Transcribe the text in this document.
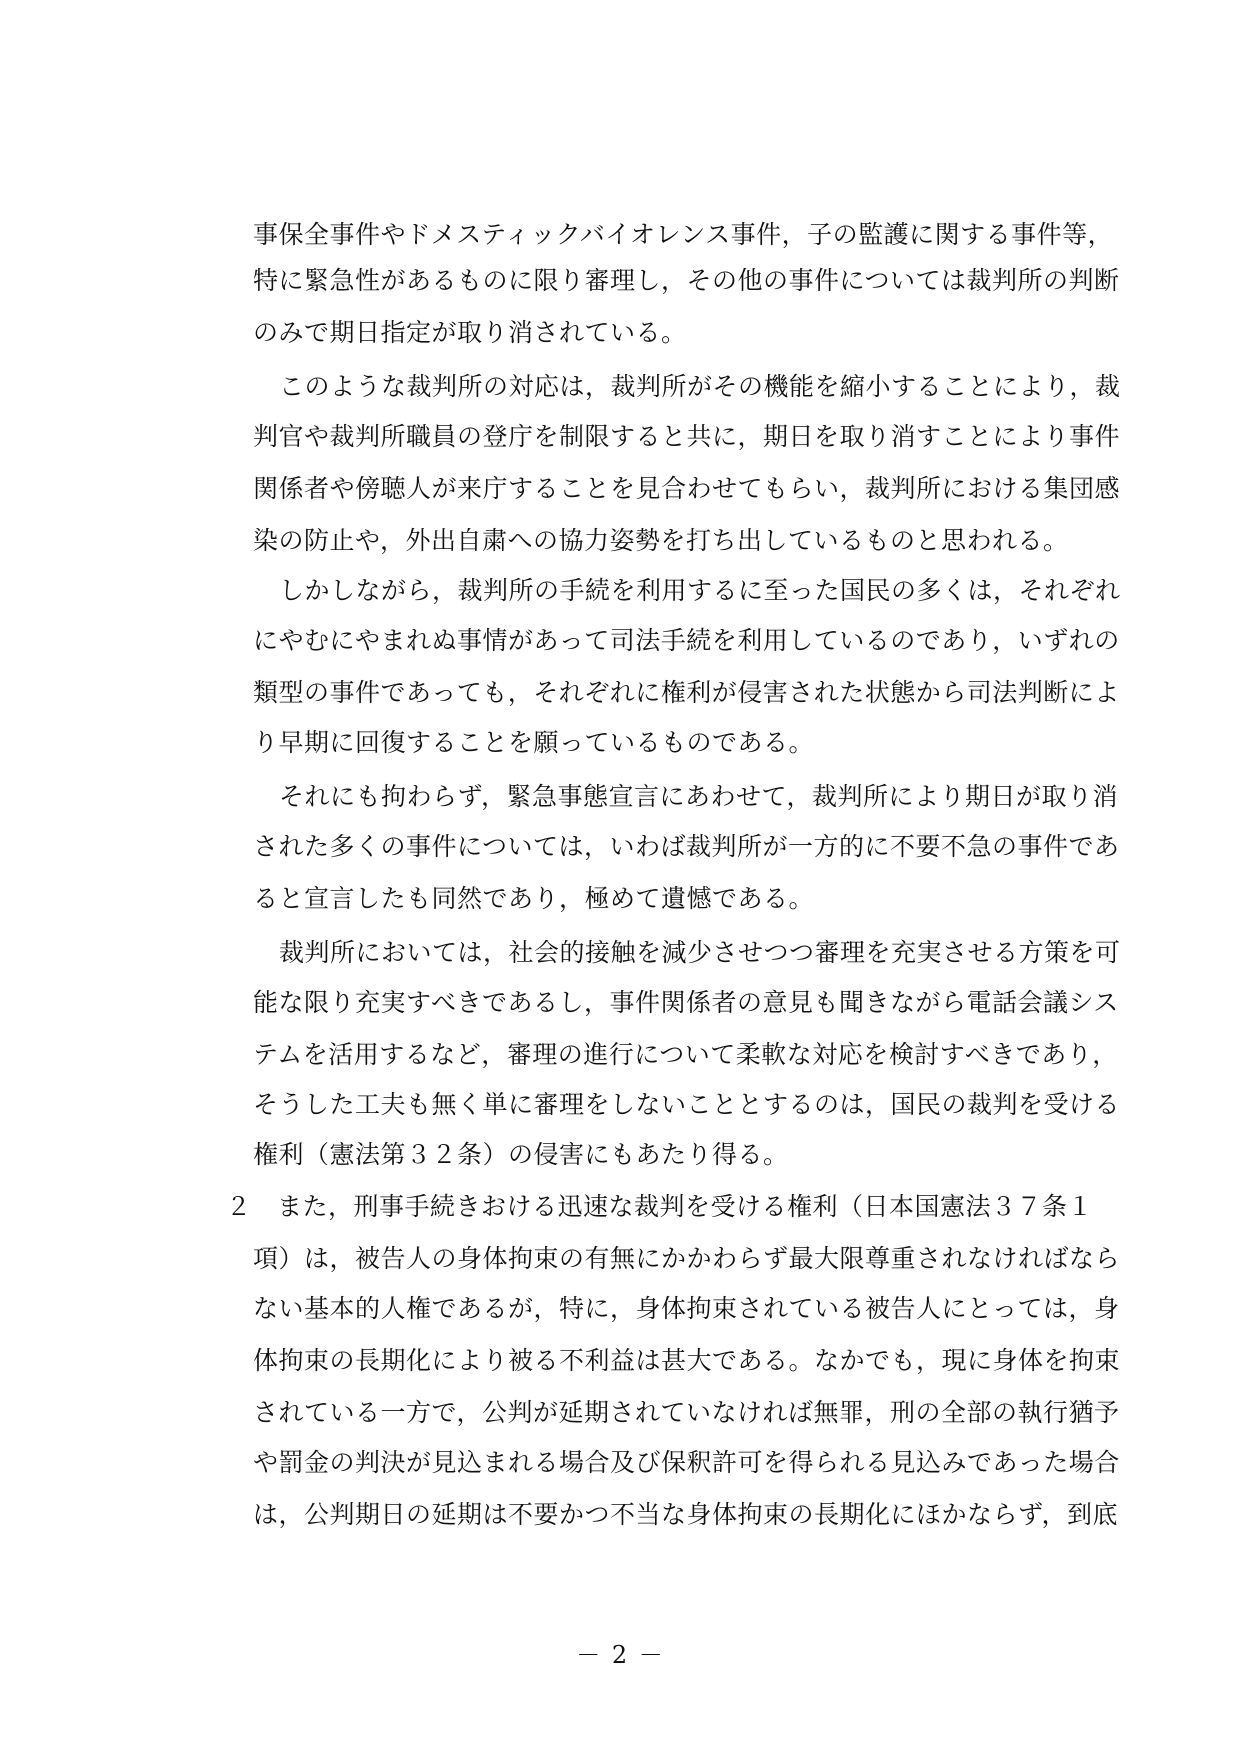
事保全事件やドメスティックバイオレンス事件，子の監護に関する事件等，
特に緊急性があるものに限り審理し，その他の事件については裁判所の判断
のみで期日指定が取り消されている。
このような裁判所の対応は，裁判所がその機能を縮小することにより，裁
判官や裁判所職員の登庁を制限すると共に，期日を取り消すことにより事件
関係者や傍聴人が来庁することを見合わせてもらい，裁判所における集団感
染の防止や，外出自粛への協力姿勢を打ち出しているものと思われる。
しかしながら，裁判所の手続を利用するに至った国民の多くは，それぞれ
にやむにやまれぬ事情があって司法手続を利用しているのであり，いずれの
類型の事件であっても，それぞれに権利が侵害された状態から司法判断によ
り早期に回復することを願っているものである。
それにも拘わらず，緊急事態宣言にあわせて，裁判所により期日が取り消
された多くの事件については，いわば裁判所が一方的に不要不急の事件であ
ると宣言したも同然であり，極めて遺憾である。
裁判所においては，社会的接触を減少させつつ審理を充実させる方策を可
能な限り充実すべきであるし，事件関係者の意見も聞きながら電話会議シス
テムを活用するなど，審理の進行について柔軟な対応を検討すべきであり，
そうした工夫も無く単に審理をしないこととするのは，国民の裁判を受ける
権利（憲法第３２条）の侵害にもあたり得る。
２　また，刑事手続きおける迅速な裁判を受ける権利（日本国憲法３７条１
項）は，被告人の身体拘束の有無にかかわらず最大限尊重されなければなら
ない基本的人権であるが，特に，身体拘束されている被告人にとっては，身
体拘束の長期化により被る不利益は甚大である。なかでも，現に身体を拘束
されている一方で，公判が延期されていなければ無罪，刑の全部の執行猶予
や罰金の判決が見込まれる場合及び保釈許可を得られる見込みであった場合
は，公判期日の延期は不要かつ不当な身体拘束の長期化にほかならず，到底
－ 2 －
